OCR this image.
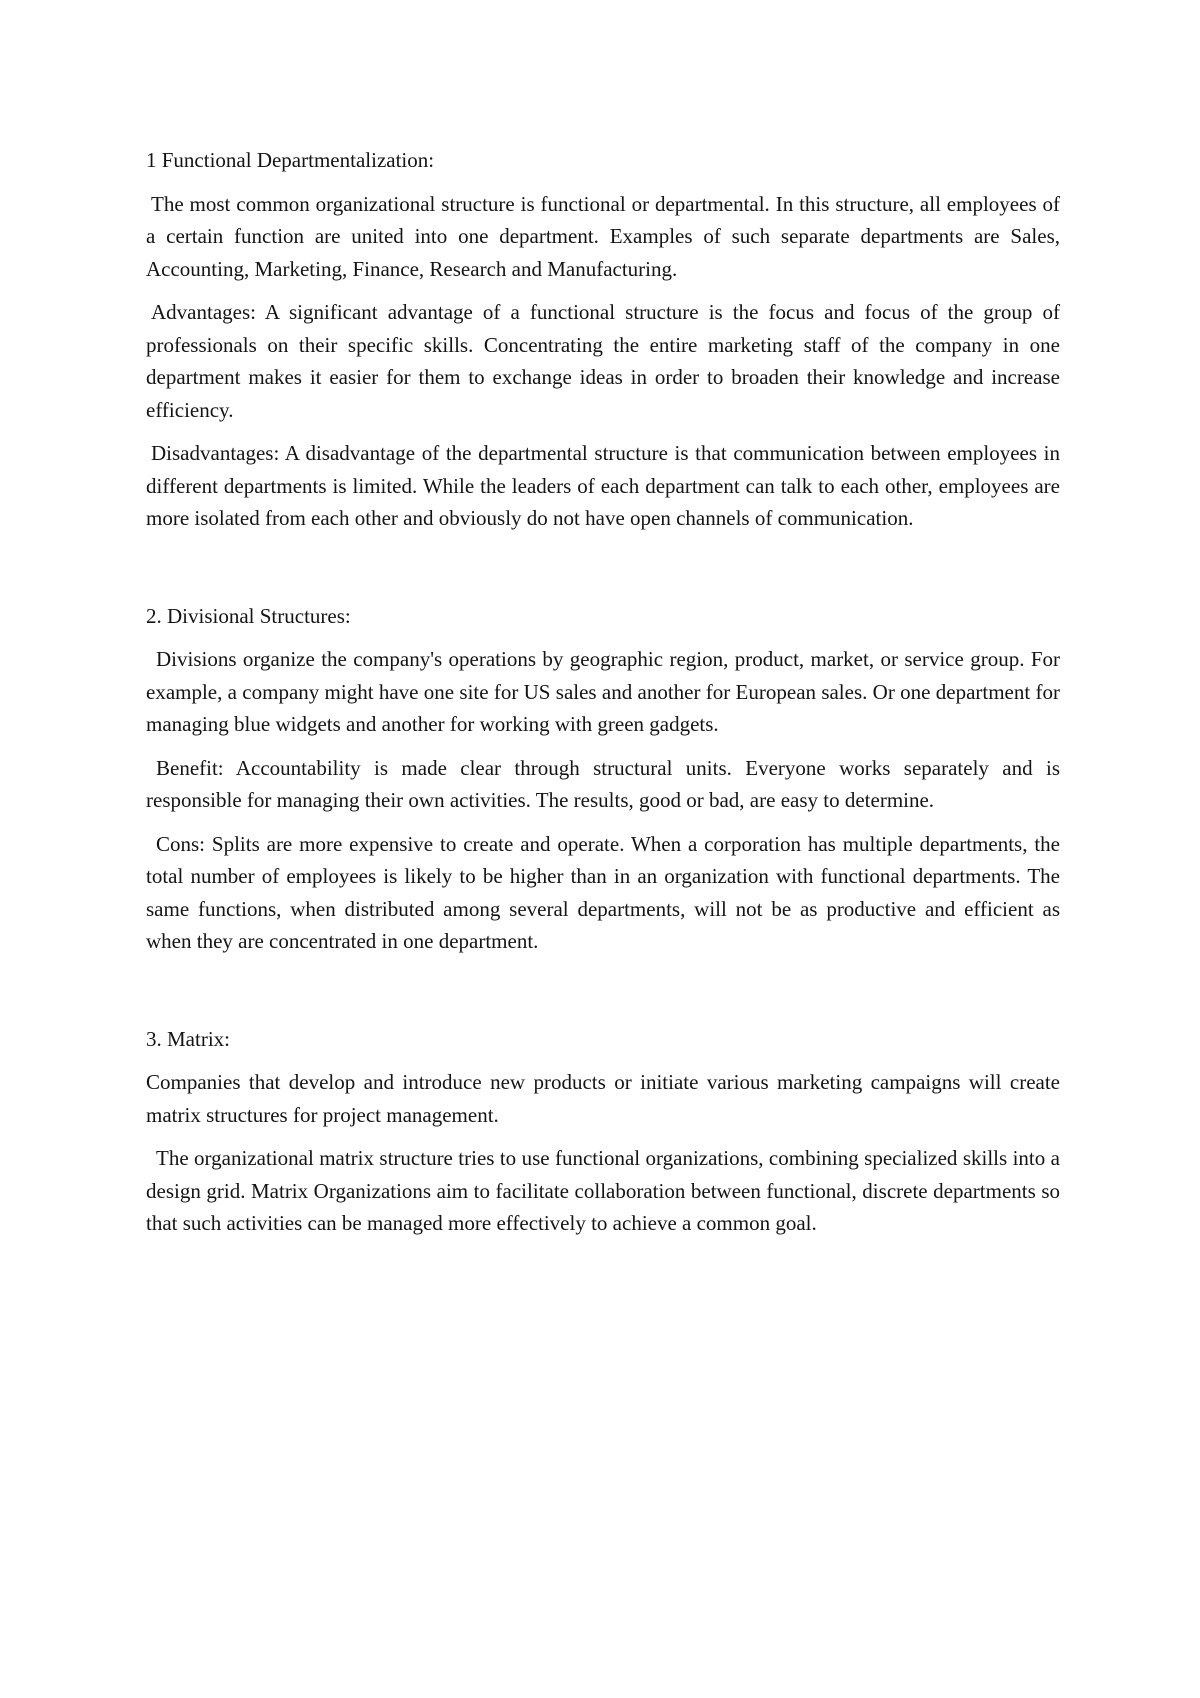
1 Functional Departmentalization:

The most common organizational structure is functional or departmental. In this structure, all employees of a certain function are united into one department. Examples of such separate departments are Sales, Accounting, Marketing, Finance, Research and Manufacturing.

Advantages: A significant advantage of a functional structure is the focus and focus of the group of professionals on their specific skills. Concentrating the entire marketing staff of the company in one department makes it easier for them to exchange ideas in order to broaden their knowledge and increase efficiency.

Disadvantages: A disadvantage of the departmental structure is that communication between employees in different departments is limited. While the leaders of each department can talk to each other, employees are more isolated from each other and obviously do not have open channels of communication.

2. Divisional Structures:

Divisions organize the company's operations by geographic region, product, market, or service group. For example, a company might have one site for US sales and another for European sales. Or one department for managing blue widgets and another for working with green gadgets.

Benefit: Accountability is made clear through structural units. Everyone works separately and is responsible for managing their own activities. The results, good or bad, are easy to determine.

Cons: Splits are more expensive to create and operate. When a corporation has multiple departments, the total number of employees is likely to be higher than in an organization with functional departments. The same functions, when distributed among several departments, will not be as productive and efficient as when they are concentrated in one department.

3. Matrix:

Companies that develop and introduce new products or initiate various marketing campaigns will create matrix structures for project management.

The organizational matrix structure tries to use functional organizations, combining specialized skills into a design grid. Matrix Organizations aim to facilitate collaboration between functional, discrete departments so that such activities can be managed more effectively to achieve a common goal.
